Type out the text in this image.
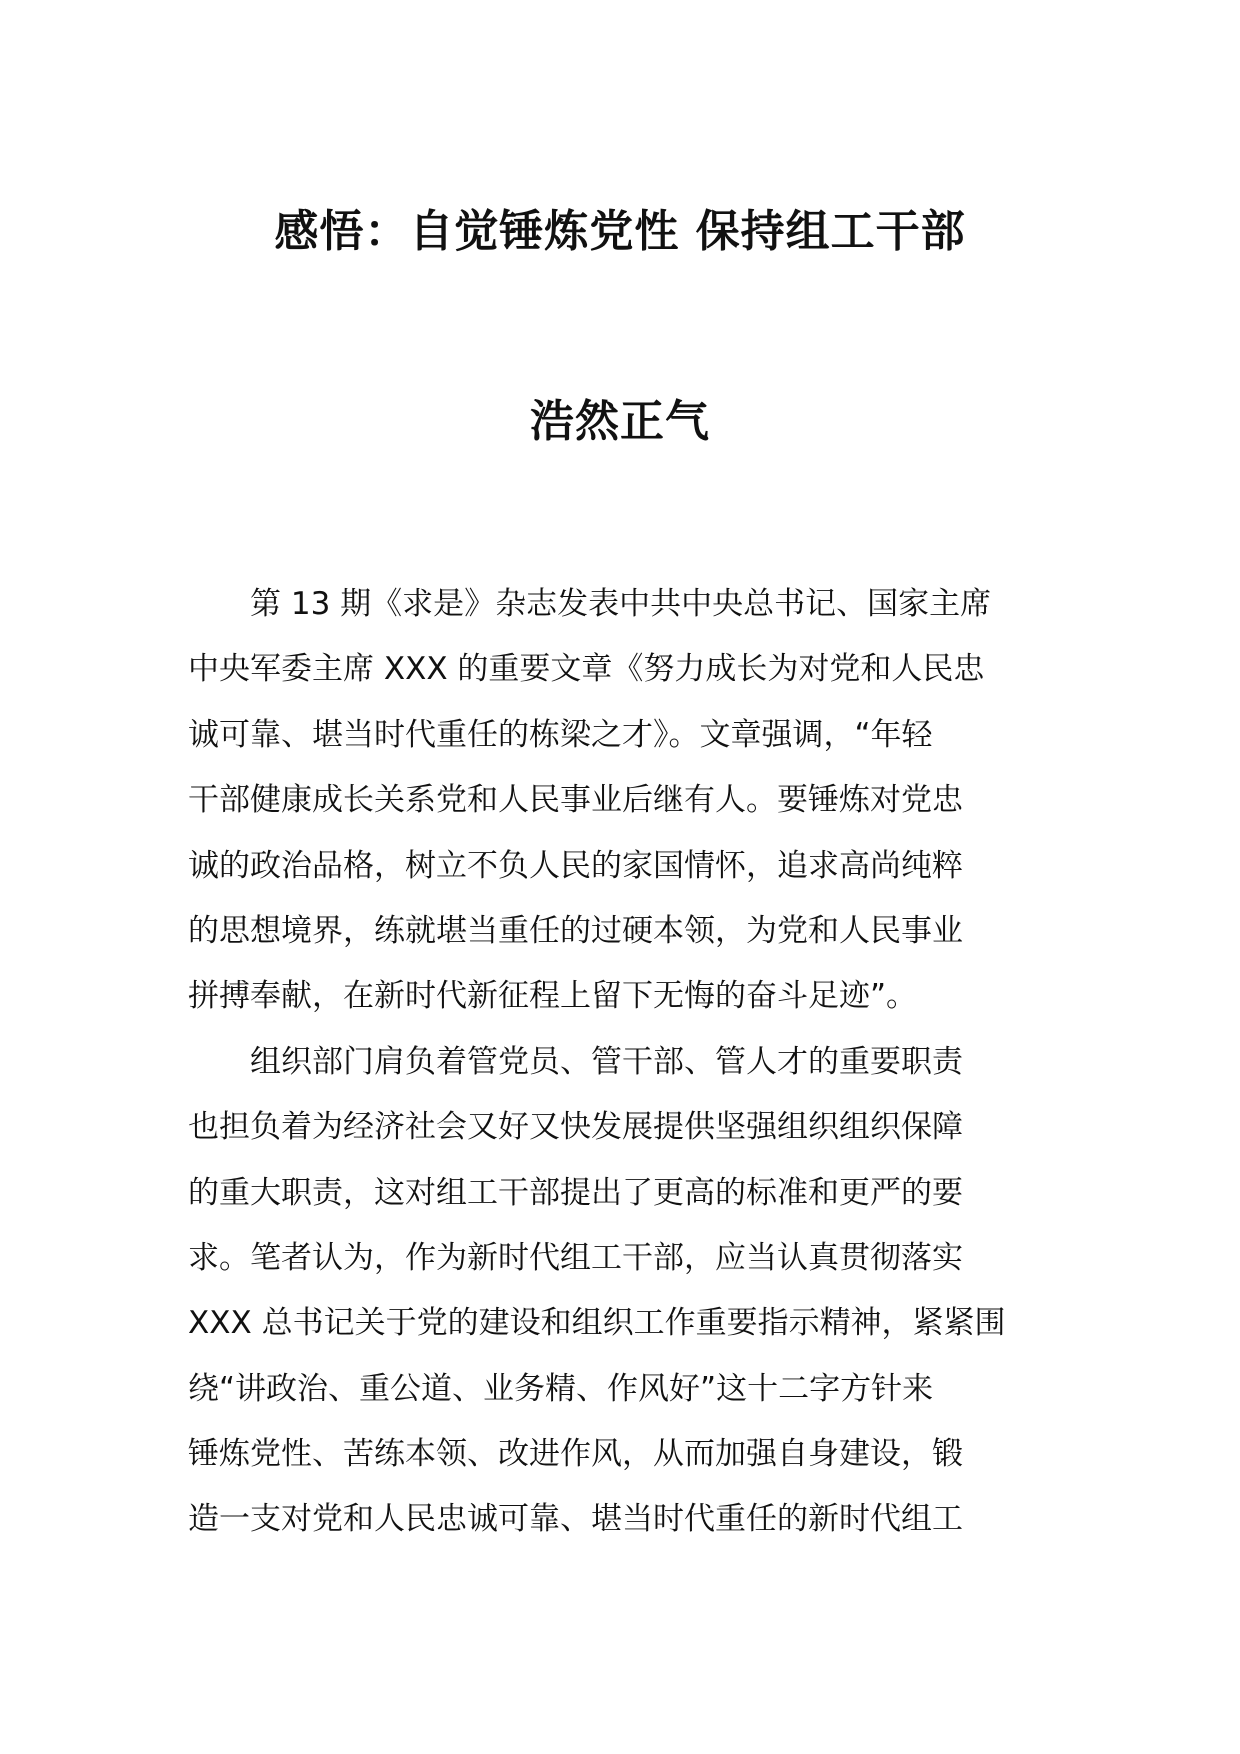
感悟：自觉锤炼党性 保持组工干部
浩然正气
第 13 期《求是》杂志发表中共中央总书记、国家主席
中央军委主席 XXX 的重要文章《努力成长为对党和人民忠
诚可靠、堪当时代重任的栋梁之才》。文章强调，“年轻
干部健康成长关系党和人民事业后继有人。要锤炼对党忠
诚的政治品格，树立不负人民的家国情怀，追求高尚纯粹
的思想境界，练就堪当重任的过硬本领，为党和人民事业
拼搏奉献，在新时代新征程上留下无悔的奋斗足迹”。
组织部门肩负着管党员、管干部、管人才的重要职责
也担负着为经济社会又好又快发展提供坚强组织组织保障
的重大职责，这对组工干部提出了更高的标准和更严的要
求。笔者认为，作为新时代组工干部，应当认真贯彻落实
XXX 总书记关于党的建设和组织工作重要指示精神，紧紧围
绕“讲政治、重公道、业务精、作风好”这十二字方针来
锤炼党性、苦练本领、改进作风，从而加强自身建设，锻
造一支对党和人民忠诚可靠、堪当时代重任的新时代组工
